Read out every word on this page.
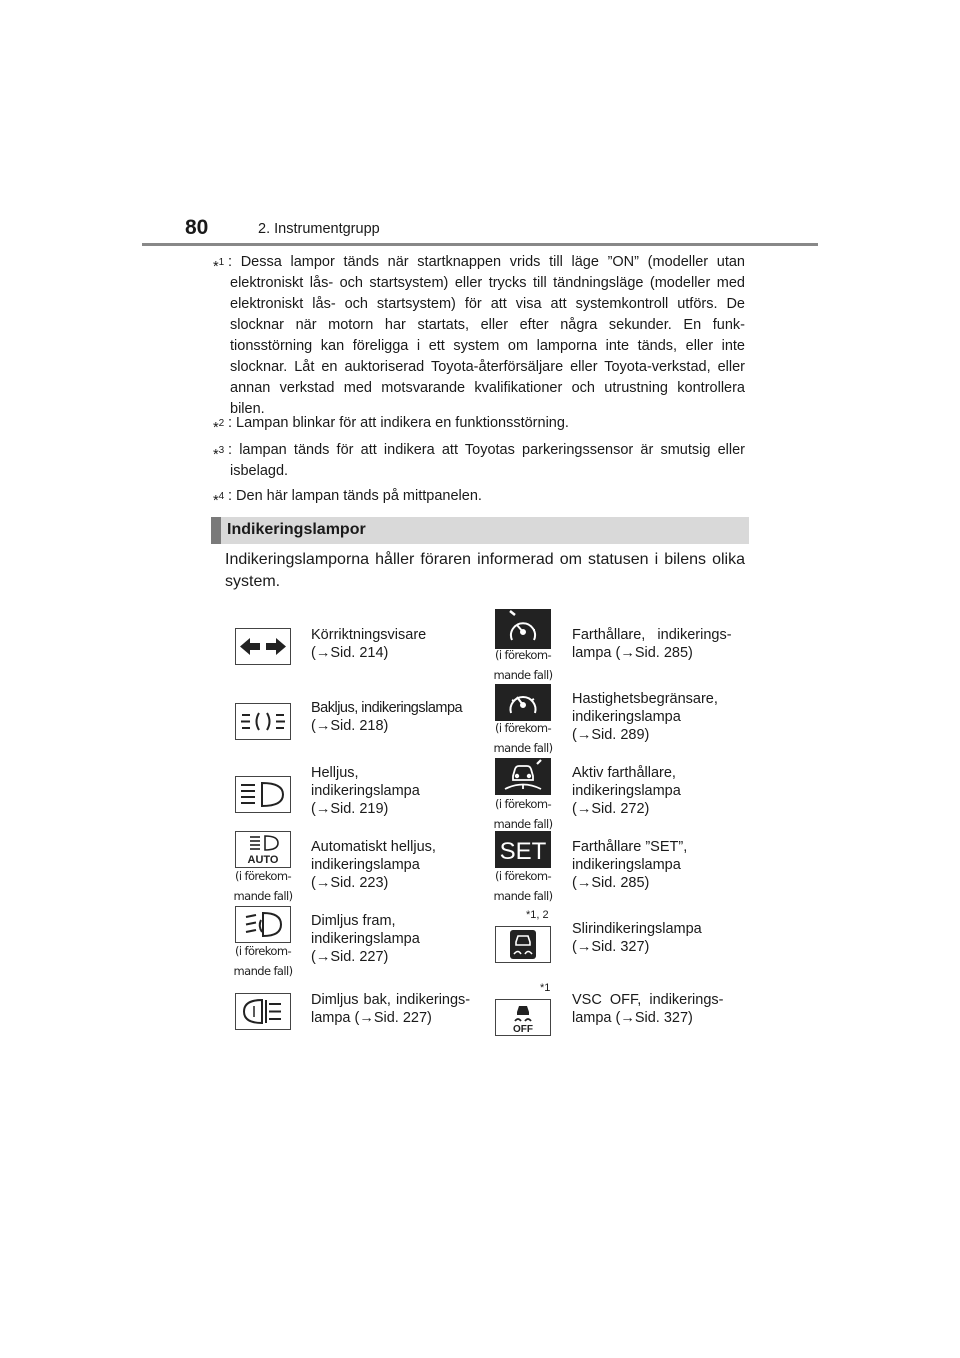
80	2. Instrumentgrupp
*$^1$ : Dessa lampor tänds när startknappen vrids till läge ”ON” (modeller utan elektroniskt lås- och startsystem) eller trycks till tändningsläge (modeller med elektroniskt lås- och startsystem) för att visa att systemkontroll utförs. De slocknar när motorn har startats, eller efter några sekunder. En funktionsstörning kan föreligga i ett system om lamporna inte tänds, eller inte slocknar. Låt en auktoriserad Toyota-återförsäljare eller Toyota-verkstad, eller annan verkstad med motsvarande kvalifikationer och utrustning kontrollera bilen.
*$^2$ : Lampan blinkar för att indikera en funktionsstörning.
*$^3$ : lampan tänds för att indikera att Toyotas parkeringssensor är smutsig eller isbelagd.
*$^4$ : Den här lampan tänds på mittpanelen.
Indikeringslampor
Indikeringslamporna håller föraren informerad om statusen i bilens olika system.
Körriktningsvisare
(→Sid. 214)
Bakljus, indikeringslampa
(→Sid. 218)
Helljus,
indikeringslampa
(→Sid. 219)
AUTO
(i förekom-
mande fall)
Automatiskt helljus,
indikeringslampa
(→Sid. 223)
(i förekom-
mande fall)
Dimljus fram,
indikeringslampa
(→Sid. 227)
Dimljus bak, indikerings-
lampa (→Sid. 227)
(i förekom-
mande fall)
Farthållare,   indikerings-
lampa (→Sid. 285)
(i förekom-
mande fall)
Hastighetsbegränsare,
indikeringslampa
(→Sid. 289)
(i förekom-
mande fall)
Aktiv farthållare,
indikeringslampa
(→Sid. 272)
SET
(i förekom-
mande fall)
Farthållare ”SET”,
indikeringslampa
(→Sid. 285)
*1, 2
Slirindikeringslampa
(→Sid. 327)
*1
OFF
VSC  OFF,  indikerings-
lampa (→Sid. 327)
